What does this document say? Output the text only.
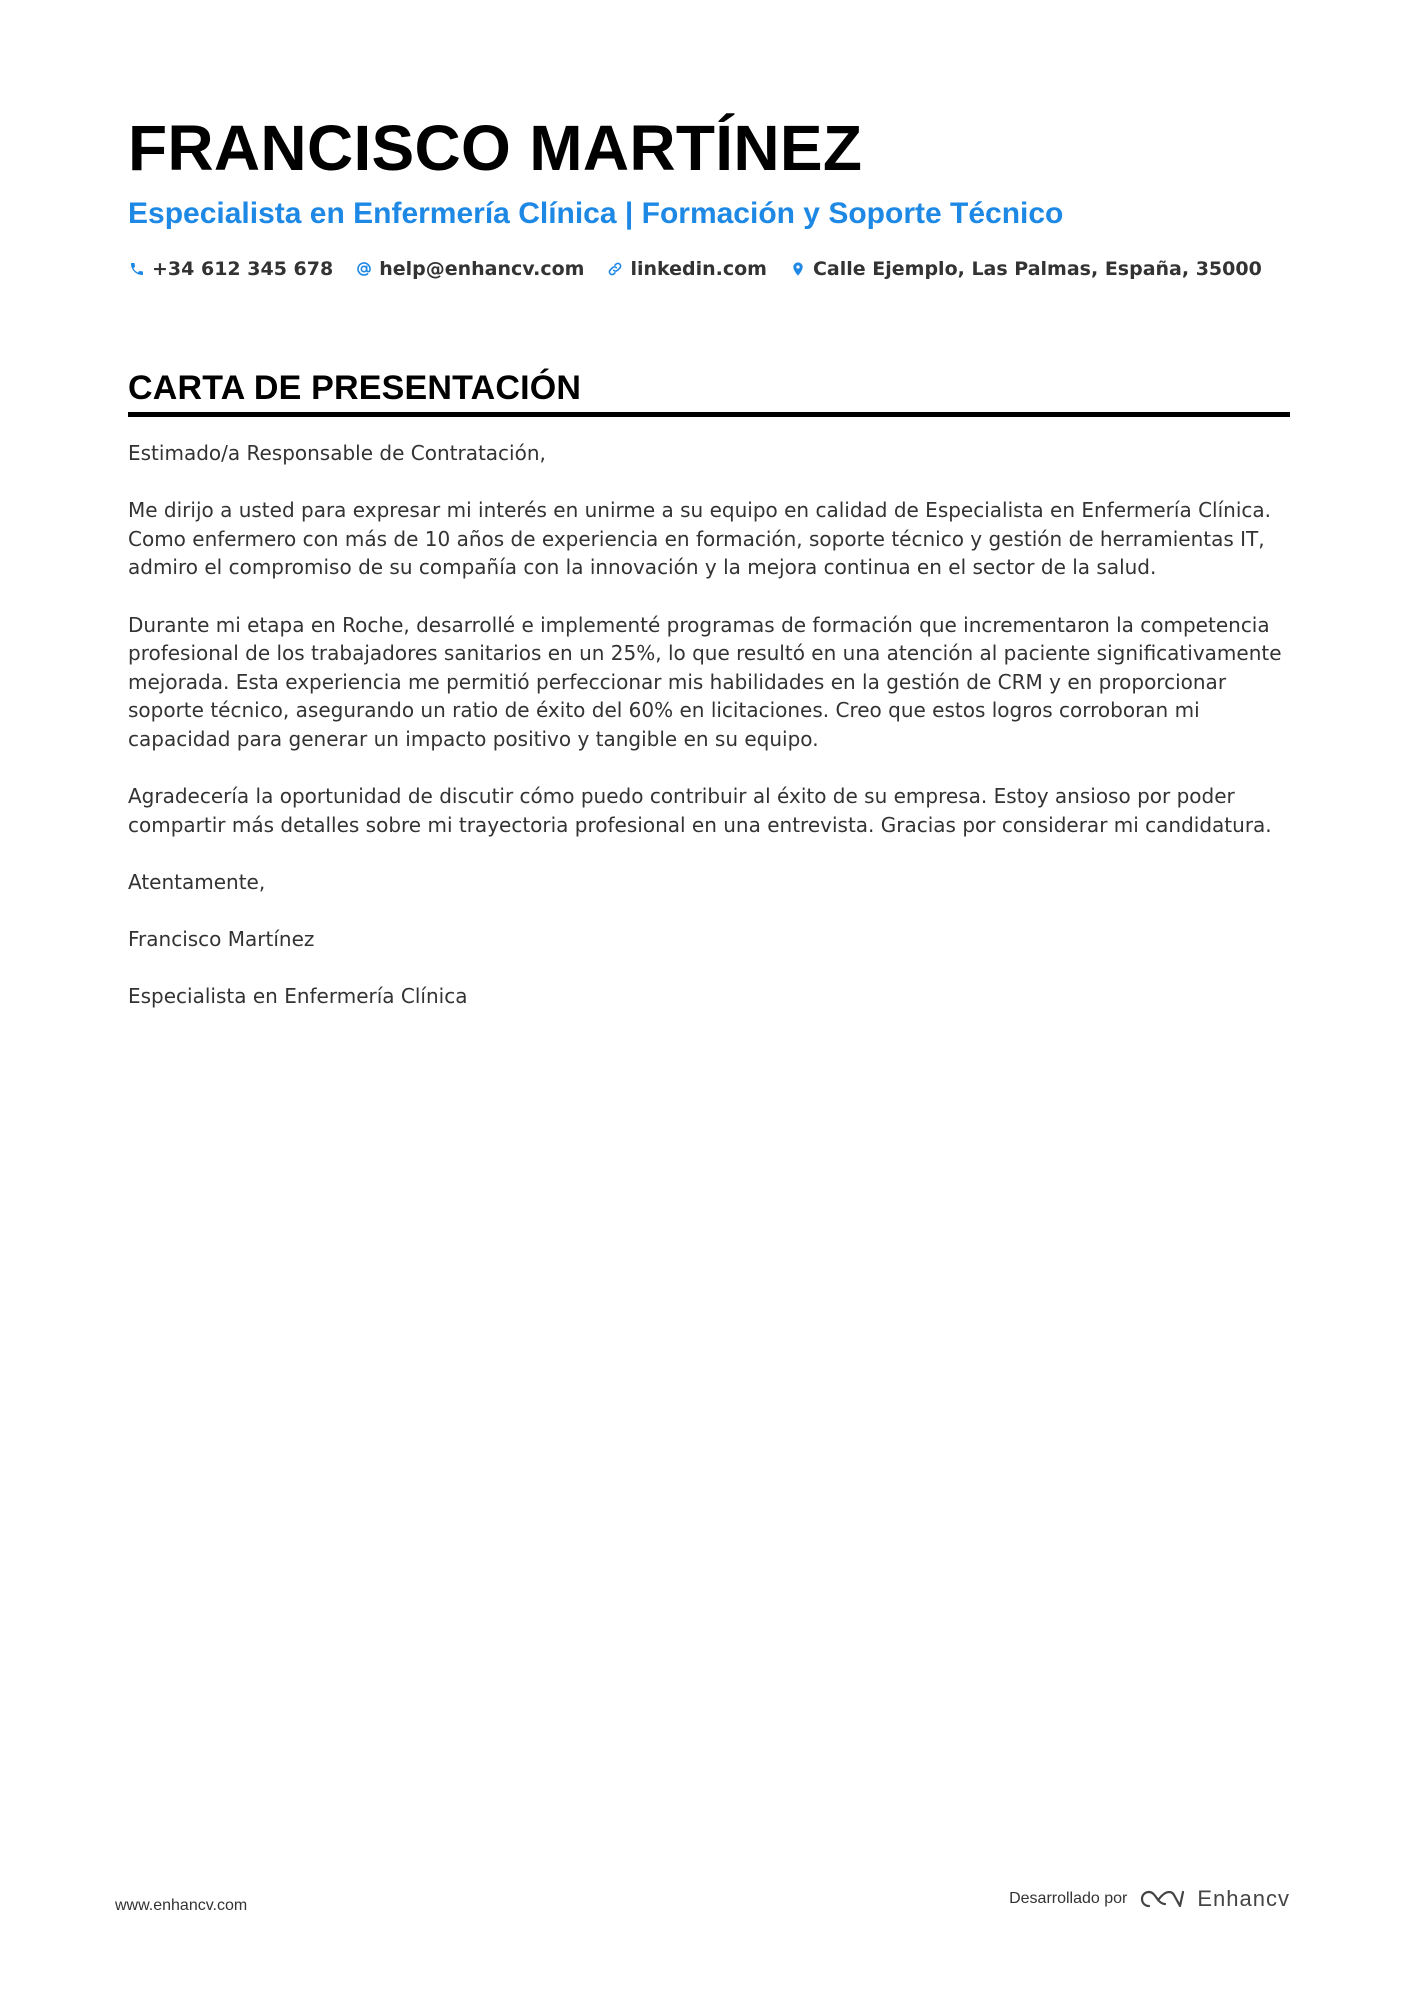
FRANCISCO MARTÍNEZ
Especialista en Enfermería Clínica | Formación y Soporte Técnico
+34 612 345 678 help@enhancv.com linkedin.com Calle Ejemplo, Las Palmas, España, 35000
CARTA DE PRESENTACIÓN

Estimado/a Responsable de Contratación,

Me dirijo a usted para expresar mi interés en unirme a su equipo en calidad de Especialista en Enfermería Clínica. Como enfermero con más de 10 años de experiencia en formación, soporte técnico y gestión de herramientas IT, admiro el compromiso de su compañía con la innovación y la mejora continua en el sector de la salud.

Durante mi etapa en Roche, desarrollé e implementé programas de formación que incrementaron la competencia profesional de los trabajadores sanitarios en un 25%, lo que resultó en una atención al paciente significativamente mejorada. Esta experiencia me permitió perfeccionar mis habilidades en la gestión de CRM y en proporcionar soporte técnico, asegurando un ratio de éxito del 60% en licitaciones. Creo que estos logros corroboran mi capacidad para generar un impacto positivo y tangible en su equipo.

Agradecería la oportunidad de discutir cómo puedo contribuir al éxito de su empresa. Estoy ansioso por poder compartir más detalles sobre mi trayectoria profesional en una entrevista. Gracias por considerar mi candidatura.

Atentamente,

Francisco Martínez

Especialista en Enfermería Clínica

www.enhancv.com	Desarrollado por	Enhancv
